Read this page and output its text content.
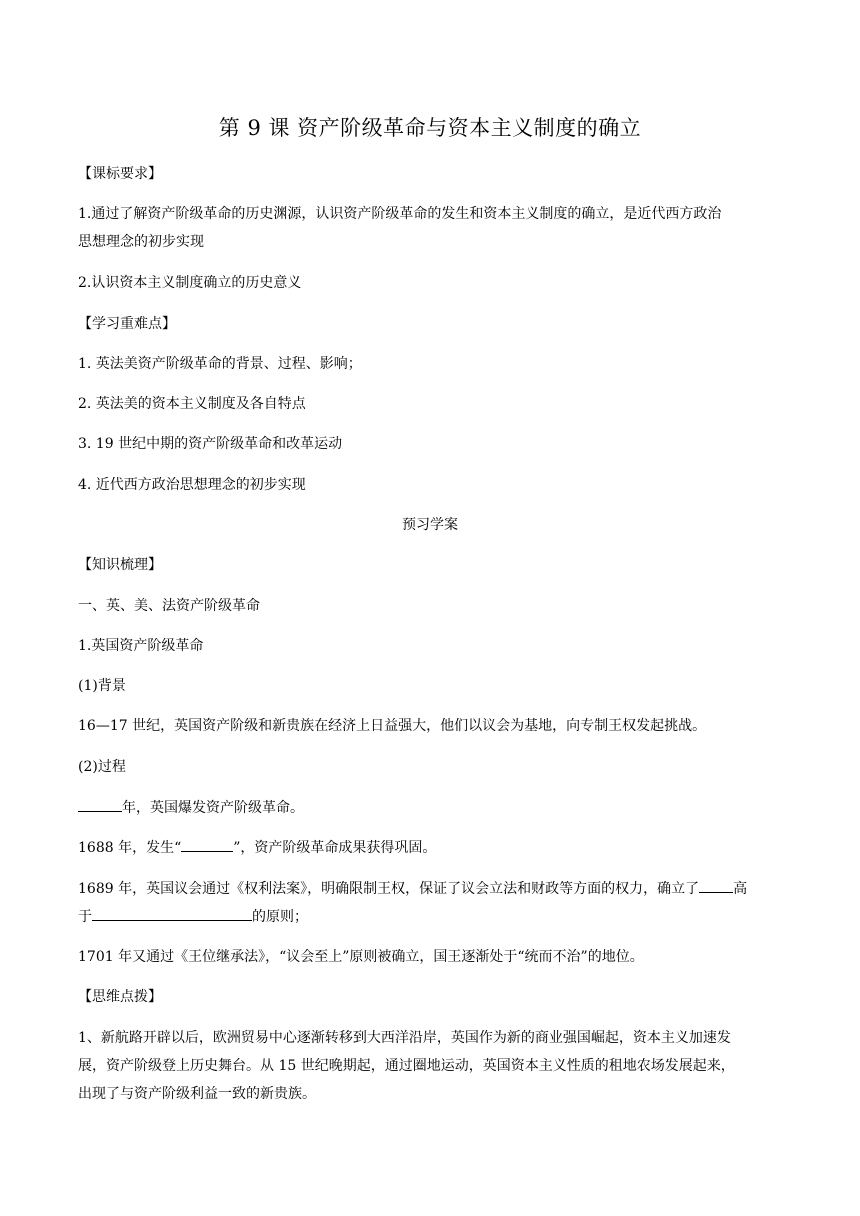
第 9 课 资产阶级革命与资本主义制度的确立
【课标要求】
1.通过了解资产阶级革命的历史渊源，认识资产阶级革命的发生和资本主义制度的确立，是近代西方政治
思想理念的初步实现
2.认识资本主义制度确立的历史意义
【学习重难点】
1. 英法美资产阶级革命的背景、过程、影响；
2. 英法美的资本主义制度及各自特点
3. 19 世纪中期的资产阶级革命和改革运动
4. 近代西方政治思想理念的初步实现
预习学案
【知识梳理】
一、英、美、法资产阶级革命
1.英国资产阶级革命
(1)背景
16—17 世纪，英国资产阶级和新贵族在经济上日益强大，他们以议会为基地，向专制王权发起挑战。
(2)过程
年，英国爆发资产阶级革命。
1688 年，发生“	”，资产阶级革命成果获得巩固。
1689 年，英国议会通过《权利法案》，明确限制王权，保证了议会立法和财政等方面的权力，确立了 高
于	的原则；
1701 年又通过《王位继承法》，“议会至上”原则被确立，国王逐渐处于“统而不治”的地位。
【思维点拨】
1、新航路开辟以后，欧洲贸易中心逐渐转移到大西洋沿岸，英国作为新的商业强国崛起，资本主义加速发
展，资产阶级登上历史舞台。从 15 世纪晚期起，通过圈地运动，英国资本主义性质的租地农场发展起来，
出现了与资产阶级利益一致的新贵族。
